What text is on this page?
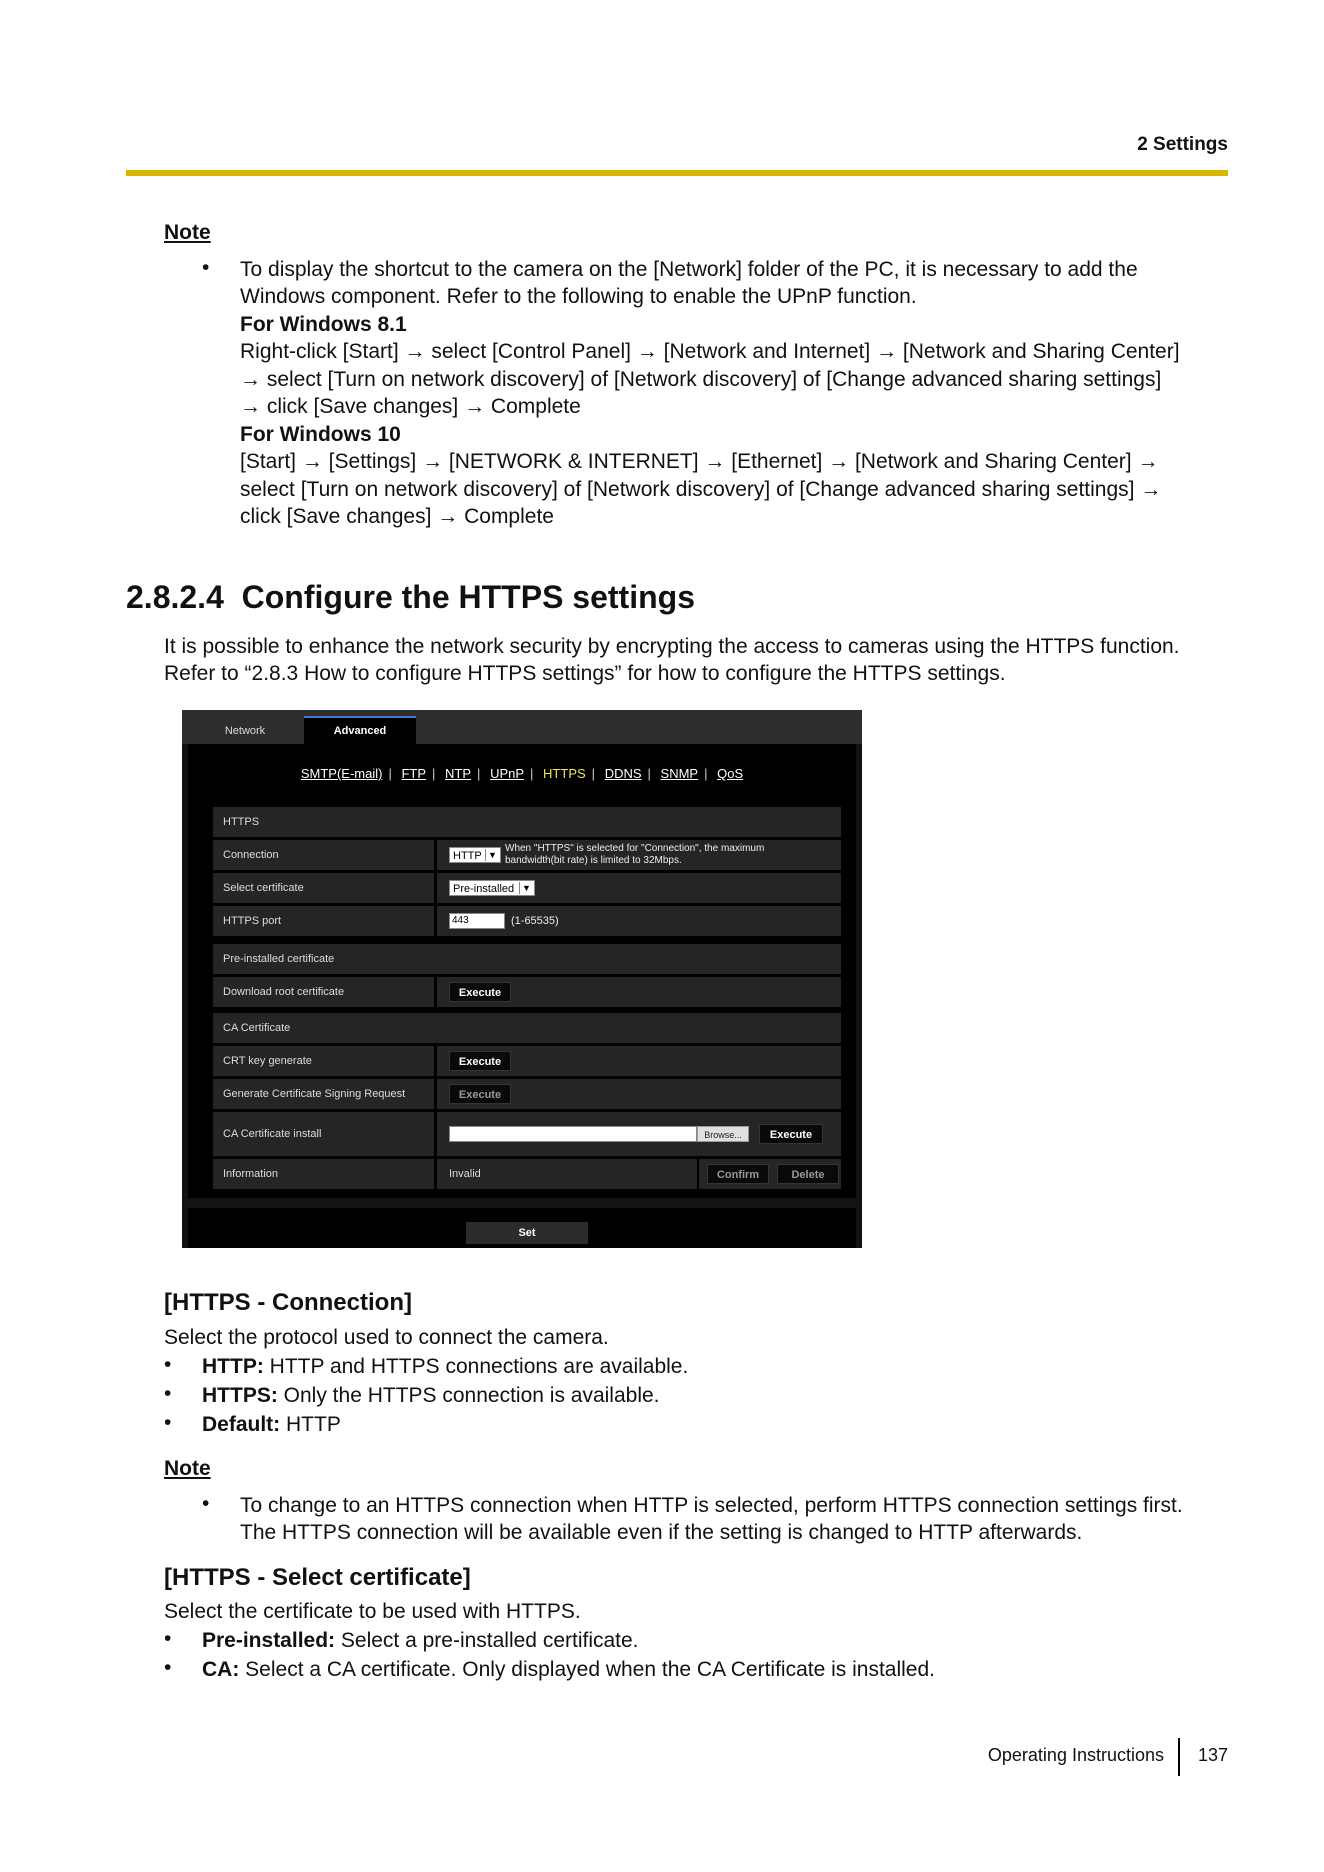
2 Settings
Note
• To display the shortcut to the camera on the [Network] folder of the PC, it is necessary to add the
Windows component. Refer to the following to enable the UPnP function.
For Windows 8.1
Right-click [Start] → select [Control Panel] → [Network and Internet] → [Network and Sharing Center]
→ select [Turn on network discovery] of [Network discovery] of [Change advanced sharing settings]
→ click [Save changes] → Complete
For Windows 10
[Start] → [Settings] → [NETWORK & INTERNET] → [Ethernet] → [Network and Sharing Center] →
select [Turn on network discovery] of [Network discovery] of [Change advanced sharing settings] →
click [Save changes] → Complete
2.8.2.4 Configure the HTTPS settings
It is possible to enhance the network security by encrypting the access to cameras using the HTTPS function.
Refer to “2.8.3 How to configure HTTPS settings” for how to configure the HTTPS settings.
Network	Advanced
SMTP(E-mail) | FTP | NTP | UPnP | HTTPS | DDNS | SNMP | QoS
HTTPS
Connection	HTTP ▼
When "HTTPS" is selected for "Connection", the maximum
bandwidth(bit rate) is limited to 32Mbps.
Select certificate	Pre-installed ▼
HTTPS port	443	(1-65535)
Pre-installed certificate
Download root certificate	Execute
CA Certificate
CRT key generate	Execute
Generate Certificate Signing Request	Execute
CA Certificate install	Browse...	Execute
Information	Invalid	Confirm	Delete
Set
[HTTPS - Connection]
Select the protocol used to connect the camera.
• HTTP: HTTP and HTTPS connections are available.
• HTTPS: Only the HTTPS connection is available.
• Default: HTTP
Note
• To change to an HTTPS connection when HTTP is selected, perform HTTPS connection settings first.
The HTTPS connection will be available even if the setting is changed to HTTP afterwards.
[HTTPS - Select certificate]
Select the certificate to be used with HTTPS.
• Pre-installed: Select a pre-installed certificate.
• CA: Select a CA certificate. Only displayed when the CA Certificate is installed.
Operating Instructions 137
